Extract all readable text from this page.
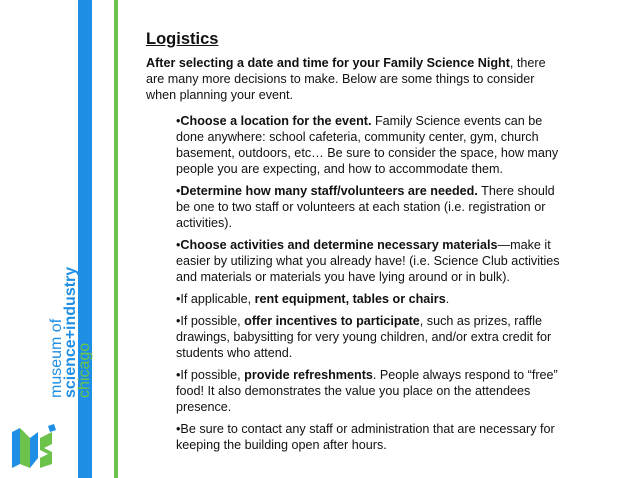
museum of
science+industry
chicago
Logistics

After selecting a date and time for your Family Science Night, there are many more decisions to make. Below are some things to consider when planning your event.

•Choose a location for the event. Family Science events can be done anywhere: school cafeteria, community center, gym, church basement, outdoors, etc… Be sure to consider the space, how many people you are expecting, and how to accommodate them.
•Determine how many staff/volunteers are needed. There should be one to two staff or volunteers at each station (i.e. registration or activities).
•Choose activities and determine necessary materials—make it easier by utilizing what you already have! (i.e. Science Club activities and materials or materials you have lying around or in bulk).
•If applicable, rent equipment, tables or chairs.
•If possible, offer incentives to participate, such as prizes, raffle drawings, babysitting for very young children, and/or extra credit for students who attend.
•If possible, provide refreshments. People always respond to “free” food! It also demonstrates the value you place on the attendees presence.
•Be sure to contact any staff or administration that are necessary for keeping the building open after hours.
